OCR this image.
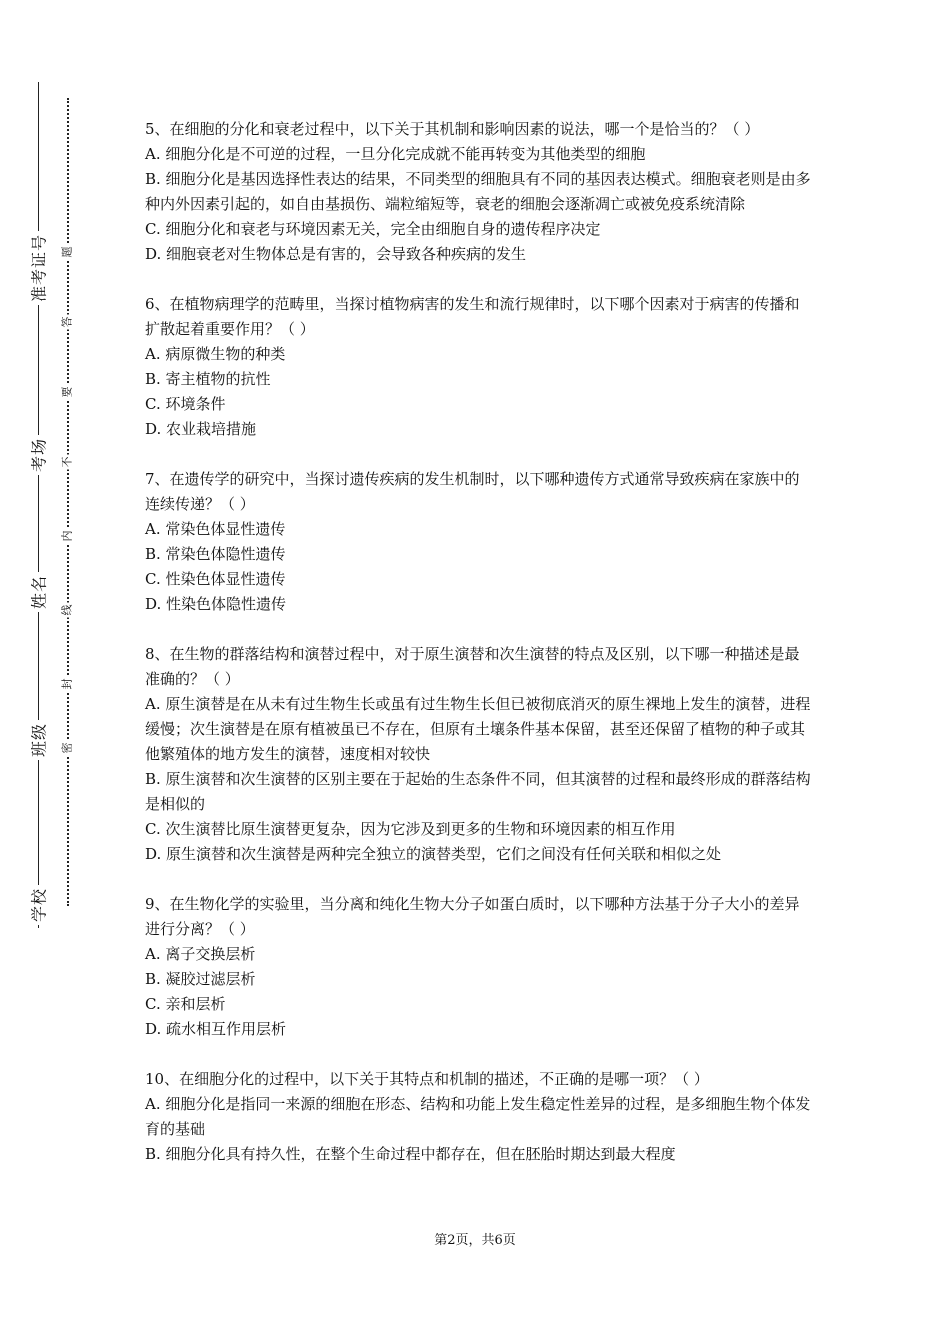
准考证号
考场
姓名
班级
学校
题
答
要
不
内
线
封
密

5、在细胞的分化和衰老过程中，以下关于其机制和影响因素的说法，哪一个是恰当的？（ ）

A. 细胞分化是不可逆的过程，一旦分化完成就不能再转变为其他类型的细胞

B. 细胞分化是基因选择性表达的结果，不同类型的细胞具有不同的基因表达模式。细胞衰老则是由多种内外因素引起的，如自由基损伤、端粒缩短等，衰老的细胞会逐渐凋亡或被免疫系统清除

C. 细胞分化和衰老与环境因素无关，完全由细胞自身的遗传程序决定

D. 细胞衰老对生物体总是有害的，会导致各种疾病的发生

6、在植物病理学的范畴里，当探讨植物病害的发生和流行规律时，以下哪个因素对于病害的传播和扩散起着重要作用？（ ）

A. 病原微生物的种类

B. 寄主植物的抗性

C. 环境条件

D. 农业栽培措施

7、在遗传学的研究中，当探讨遗传疾病的发生机制时，以下哪种遗传方式通常导致疾病在家族中的连续传递？（ ）

A. 常染色体显性遗传

B. 常染色体隐性遗传

C. 性染色体显性遗传

D. 性染色体隐性遗传

8、在生物的群落结构和演替过程中，对于原生演替和次生演替的特点及区别，以下哪一种描述是最准确的？（ ）

A. 原生演替是在从未有过生物生长或虽有过生物生长但已被彻底消灭的原生裸地上发生的演替，进程缓慢；次生演替是在原有植被虽已不存在，但原有土壤条件基本保留，甚至还保留了植物的种子或其他繁殖体的地方发生的演替，速度相对较快

B. 原生演替和次生演替的区别主要在于起始的生态条件不同，但其演替的过程和最终形成的群落结构是相似的

C. 次生演替比原生演替更复杂，因为它涉及到更多的生物和环境因素的相互作用

D. 原生演替和次生演替是两种完全独立的演替类型，它们之间没有任何关联和相似之处

9、在生物化学的实验里，当分离和纯化生物大分子如蛋白质时，以下哪种方法基于分子大小的差异进行分离？（ ）

A. 离子交换层析

B. 凝胶过滤层析

C. 亲和层析

D. 疏水相互作用层析

10、在细胞分化的过程中，以下关于其特点和机制的描述，不正确的是哪一项？（ ）

A. 细胞分化是指同一来源的细胞在形态、结构和功能上发生稳定性差异的过程，是多细胞生物个体发育的基础

B. 细胞分化具有持久性，在整个生命过程中都存在，但在胚胎时期达到最大程度

第2页，共6页
